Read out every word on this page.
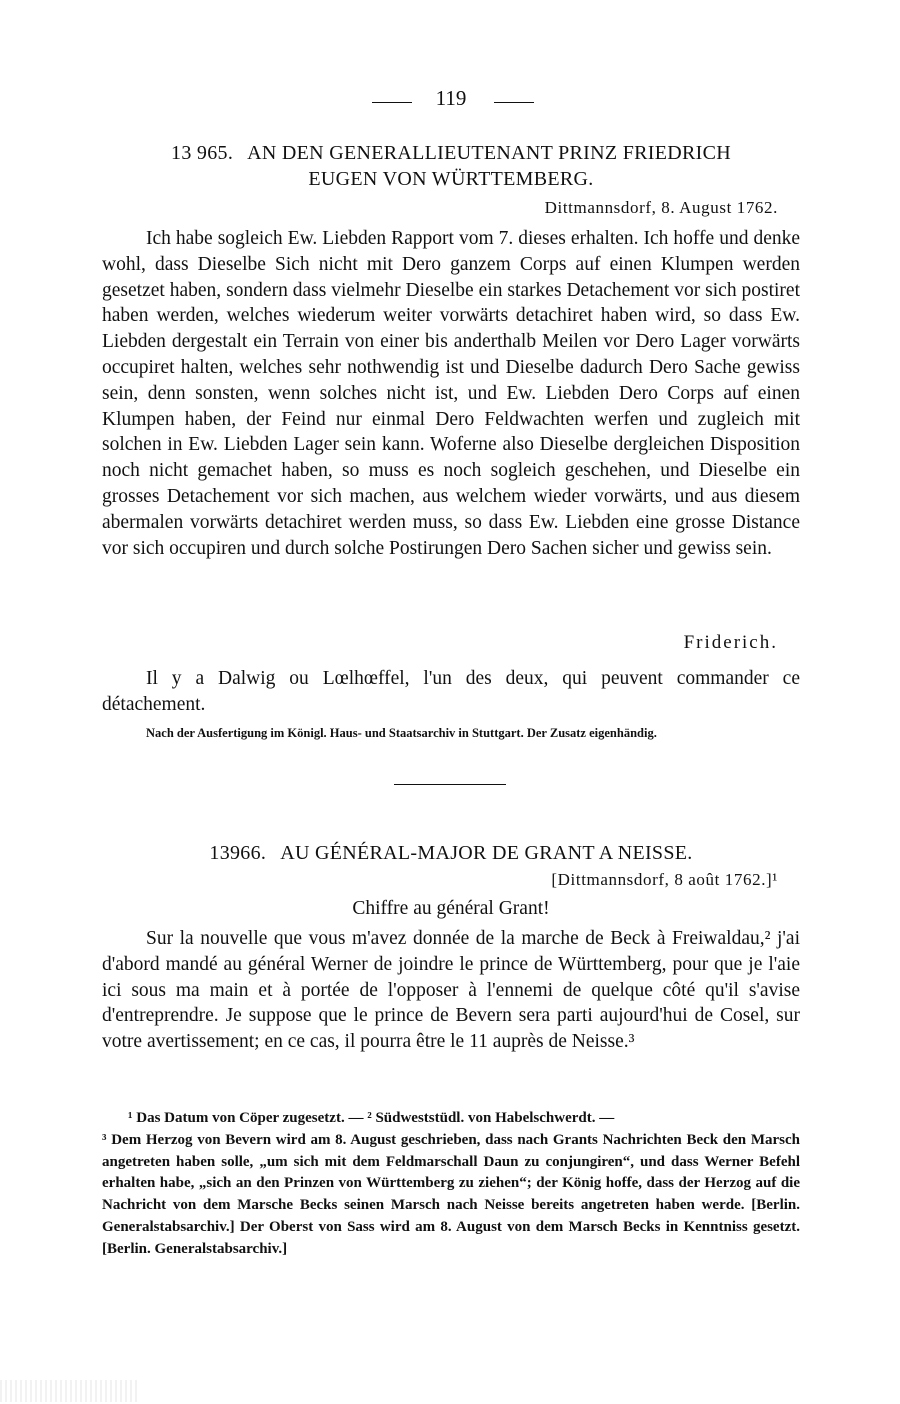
119
13 965. AN DEN GENERALLIEUTENANT PRINZ FRIEDRICH
EUGEN VON WÜRTTEMBERG.
Dittmannsdorf, 8. August 1762.
Ich habe sogleich Ew. Liebden Rapport vom 7. dieses erhalten. Ich hoffe und denke wohl, dass Dieselbe Sich nicht mit Dero ganzem Corps auf einen Klumpen werden gesetzet haben, sondern dass vielmehr Dieselbe ein starkes Detachement vor sich postiret haben werden, welches wiederum weiter vorwärts detachiret haben wird, so dass Ew. Liebden dergestalt ein Terrain von einer bis anderthalb Meilen vor Dero Lager vorwärts occupiret halten, welches sehr nothwendig ist und Dieselbe dadurch Dero Sache gewiss sein, denn sonsten, wenn solches nicht ist, und Ew. Liebden Dero Corps auf einen Klumpen haben, der Feind nur einmal Dero Feldwachten werfen und zugleich mit solchen in Ew. Liebden Lager sein kann. Woferne also Dieselbe dergleichen Disposition noch nicht gemachet haben, so muss es noch sogleich geschehen, und Dieselbe ein grosses Detachement vor sich machen, aus welchem wieder vorwärts, und aus diesem abermalen vorwärts detachiret werden muss, so dass Ew. Liebden eine grosse Distance vor sich occupiren und durch solche Postirungen Dero Sachen sicher und gewiss sein.
Friderich.
Il y a Dalwig ou Lœlhœffel, l'un des deux, qui peuvent commander ce détachement.
Nach der Ausfertigung im Königl. Haus- und Staatsarchiv in Stuttgart. Der Zusatz eigenhändig.
13966. AU GÉNÉRAL-MAJOR DE GRANT A NEISSE.
[Dittmannsdorf, 8 août 1762.]¹
Chiffre au général Grant!
Sur la nouvelle que vous m'avez donnée de la marche de Beck à Freiwaldau,² j'ai d'abord mandé au général Werner de joindre le prince de Württemberg, pour que je l'aie ici sous ma main et à portée de l'opposer à l'ennemi de quelque côté qu'il s'avise d'entreprendre. Je suppose que le prince de Bevern sera parti aujourd'hui de Cosel, sur votre avertissement; en ce cas, il pourra être le 11 auprès de Neisse.³

¹ Das Datum von Cöper zugesetzt. — ² Südweststüdl. von Habelschwerdt. —

³ Dem Herzog von Bevern wird am 8. August geschrieben, dass nach Grants Nachrichten Beck den Marsch angetreten haben solle, „um sich mit dem Feldmarschall Daun zu conjungiren“, und dass Werner Befehl erhalten habe, „sich an den Prinzen von Württemberg zu ziehen“; der König hoffe, dass der Herzog auf die Nachricht von dem Marsche Becks seinen Marsch nach Neisse bereits angetreten haben werde. [Berlin. Generalstabsarchiv.] Der Oberst von Sass wird am 8. August von dem Marsch Becks in Kenntniss gesetzt. [Berlin. Generalstabsarchiv.]
